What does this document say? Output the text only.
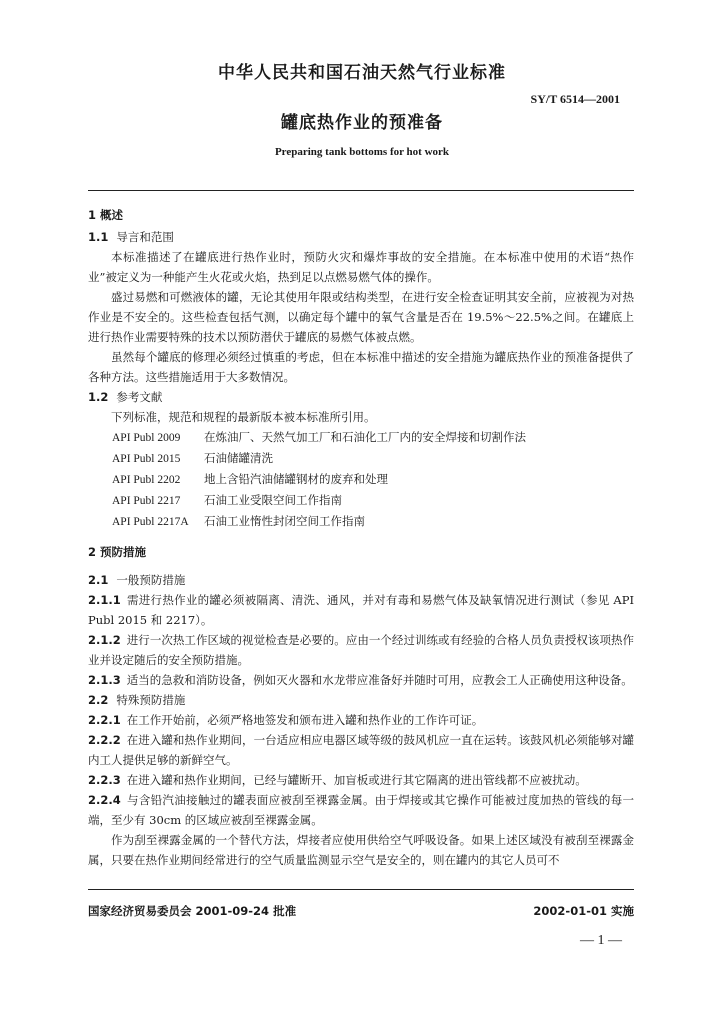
中华人民共和国石油天然气行业标准
SY/T 6514—2001
罐底热作业的预准备
Preparing tank bottoms for hot work
1 概述
1.1 导言和范围
本标准描述了在罐底进行热作业时，预防火灾和爆炸事故的安全措施。在本标准中使用的术语“热作业”被定义为一种能产生火花或火焰，热到足以点燃易燃气体的操作。
盛过易燃和可燃液体的罐，无论其使用年限或结构类型，在进行安全检查证明其安全前，应被视为对热作业是不安全的。这些检查包括气测，以确定每个罐中的氧气含量是否在 19.5%～22.5%之间。在罐底上进行热作业需要特殊的技术以预防潜伏于罐底的易燃气体被点燃。
虽然每个罐底的修理必须经过慎重的考虑，但在本标准中描述的安全措施为罐底热作业的预准备提供了各种方法。这些措施适用于大多数情况。
1.2 参考文献
下列标准，规范和规程的最新版本被本标准所引用。
API Publ 2009 在炼油厂、天然气加工厂和石油化工厂内的安全焊接和切割作法
API Publ 2015 石油储罐清洗
API Publ 2202 地上含铅汽油储罐钢材的废弃和处理
API Publ 2217 石油工业受限空间工作指南
API Publ 2217A 石油工业惰性封闭空间工作指南
2 预防措施
2.1 一般预防措施
2.1.1 需进行热作业的罐必须被隔离、清洗、通风，并对有毒和易燃气体及缺氧情况进行测试（参见 API Publ 2015 和 2217）。
2.1.2 进行一次热工作区域的视觉检查是必要的。应由一个经过训练或有经验的合格人员负责授权该项热作业并设定随后的安全预防措施。
2.1.3 适当的急救和消防设备，例如灭火器和水龙带应准备好并随时可用，应教会工人正确使用这种设备。
2.2 特殊预防措施
2.2.1 在工作开始前，必须严格地签发和颁布进入罐和热作业的工作许可证。
2.2.2 在进入罐和热作业期间，一台适应相应电器区域等级的鼓风机应一直在运转。该鼓风机必须能够对罐内工人提供足够的新鲜空气。
2.2.3 在进入罐和热作业期间，已经与罐断开、加盲板或进行其它隔离的进出管线都不应被扰动。
2.2.4 与含铅汽油接触过的罐表面应被刮至裸露金属。由于焊接或其它操作可能被过度加热的管线的每一端，至少有 30cm 的区域应被刮至裸露金属。
作为刮至裸露金属的一个替代方法，焊接者应使用供给空气呼吸设备。如果上述区域没有被刮至裸露金属，只要在热作业期间经常进行的空气质量监测显示空气是安全的，则在罐内的其它人员可不
国家经济贸易委员会 2001-09-24 批准	2002-01-01 实施
— 1 —
